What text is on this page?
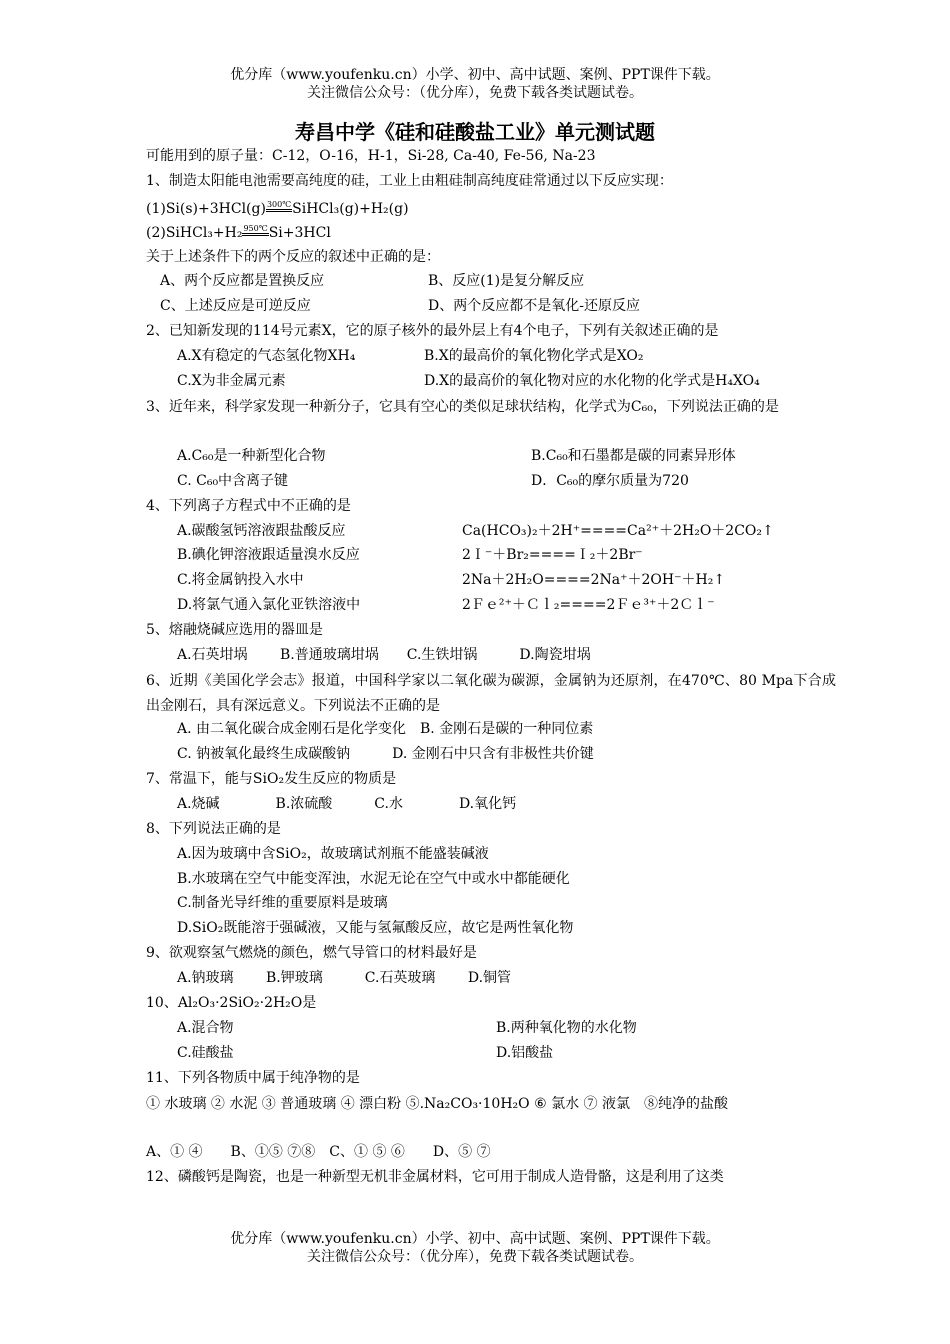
优分库（www.youfenku.cn）小学、初中、高中试题、案例、PPT课件下载。
关注微信公众号：（优分库），免费下载各类试题试卷。
寿昌中学《硅和硅酸盐工业》单元测试题
可能用到的原子量：C-12，O-16，H-1，Si-28, Ca-40, Fe-56, Na-23
1、制造太阳能电池需要高纯度的硅，工业上由粗硅制高纯度硅常通过以下反应实现：
(1)Si(s)+3HCl(g)300℃SiHCl₃(g)+H₂(g)
(2)SiHCl₃+H₂950℃Si+3HCl
关于上述条件下的两个反应的叙述中正确的是：
A、两个反应都是置换反应	B、反应(1)是复分解反应
C、上述反应是可逆反应	D、两个反应都不是氧化-还原反应
2、已知新发现的114号元素X，它的原子核外的最外层上有4个电子，下列有关叙述正确的是
A.X有稳定的气态氢化物XH₄	B.X的最高价的氧化物化学式是XO₂
C.X为非金属元素	D.X的最高价的氧化物对应的水化物的化学式是H₄XO₄
3、近年来，科学家发现一种新分子，它具有空心的类似足球状结构，化学式为C₆₀，下列说法正确的是
A.C₆₀是一种新型化合物	B.C₆₀和石墨都是碳的同素异形体
C. C₆₀中含离子键	D．C₆₀的摩尔质量为720
4、下列离子方程式中不正确的是
A.碳酸氢钙溶液跟盐酸反应	Ca(HCO₃)₂＋2H⁺====Ca²⁺＋2H₂O＋2CO₂↑
B.碘化钾溶液跟适量溴水反应	2Ｉ⁻＋Br₂====Ｉ₂＋2Br⁻
C.将金属钠投入水中	2Na＋2H₂O====2Na⁺＋2OH⁻＋H₂↑
D.将氯气通入氯化亚铁溶液中	2Ｆｅ²⁺＋Ｃｌ₂====2Ｆｅ³⁺＋2Ｃｌ⁻
5、熔融烧碱应选用的器皿是
A.石英坩埚　　 B.普通玻璃坩埚　　C.生铁坩锅　　　D.陶瓷坩埚
6、近期《美国化学会志》报道，中国科学家以二氧化碳为碳源，金属钠为还原剂，在470℃、80 Mpa下合成出金刚石，具有深远意义。下列说法不正确的是
A. 由二氧化碳合成金刚石是化学变化　B. 金刚石是碳的一种同位素
C. 钠被氧化最终生成碳酸钠　　　D. 金刚石中只含有非极性共价键
7、常温下，能与SiO₂发生反应的物质是
A.烧碱　　　　B.浓硫酸　　　C.水　　　　D.氧化钙
8、下列说法正确的是
A.因为玻璃中含SiO₂，故玻璃试剂瓶不能盛装碱液
B.水玻璃在空气中能变浑浊，水泥无论在空气中或水中都能硬化
C.制备光导纤维的重要原料是玻璃
D.SiO₂既能溶于强碱液，又能与氢氟酸反应，故它是两性氧化物
9、欲观察氢气燃烧的颜色，燃气导管口的材料最好是
A.钠玻璃　　 B.钾玻璃　　　C.石英玻璃　　 D.铜管
10、Al₂O₃·2SiO₂·2H₂O是
A.混合物	B.两种氧化物的水化物
C.硅酸盐	D.铝酸盐
11、下列各物质中属于纯净物的是
① 水玻璃 ② 水泥 ③ 普通玻璃 ④ 漂白粉 ⑤.Na₂CO₃·10H₂O ⑥ 氯水 ⑦ 液氯　⑧纯净的盐酸
A、① ④　　B、①⑤ ⑦⑧　C、① ⑤ ⑥　　D、⑤ ⑦
12、磷酸钙是陶瓷，也是一种新型无机非金属材料，它可用于制成人造骨骼，这是利用了这类
优分库（www.youfenku.cn）小学、初中、高中试题、案例、PPT课件下载。
关注微信公众号：（优分库），免费下载各类试题试卷。
